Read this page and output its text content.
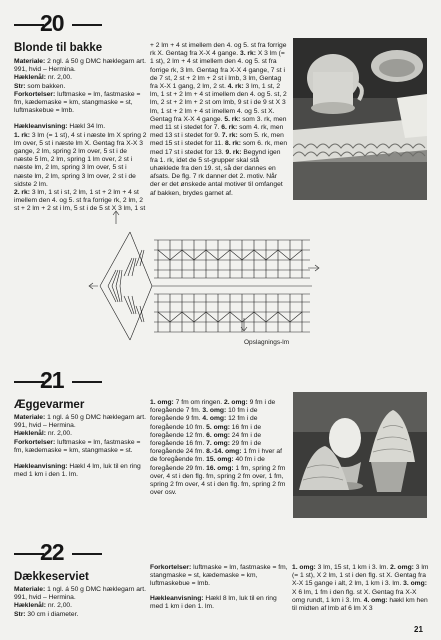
20
Blonde til bakke

Materiale: 2 ngl. á 50 g DMC hæklegarn art. 991, hvid – Hermina.

Hæklenål: nr. 2,00.

Str: som bakken.

Forkortelser: luftmaske = lm, fastmaske = fm, kædemaske = km, stangmaske = st, luftmaskebue = lmb.

Hækleanvisning: Hækl 34 lm.

1. rk: 3 lm (= 1 st), 4 st i næste lm X spring 2 lm over, 5 st i næste lm X. Gentag fra X-X 3 gange, 2 lm, spring 2 lm over, 5 st i de næste 5 lm, 2 lm, spring 1 lm over, 2 st i næste lm, 2 lm, spring 3 lm over, 5 st i næste lm, 2 lm, spring 3 lm over, 2 st i de sidste 2 lm.

2. rk: 3 lm, 1 st i st, 2 lm, 1 st + 2 lm + 4 st imellem den 4. og 5. st fra forrige rk, 2 lm, 2 st + 2 lm + 2 st i lm, 5 st i de 5 st X 3 lm, 1 st

+ 2 lm + 4 st imellem den 4. og 5. st fra forrige rk X. Gentag fra X-X 4 gange. 3. rk: X 3 lm (= 1 st), 2 lm + 4 st imellem den 4. og 5. st fra forrige rk, 3 lm. Gentag fra X-X 4 gange, 7 st i de 7 st, 2 st + 2 lm + 2 st i lmb, 3 lm, Gentag fra X-X 1 gang, 2 lm, 2 st. 4. rk: 3 lm, 1 st, 2 lm, 1 st + 2 lm + 4 st imellem den 4. og 5. st, 2 lm, 2 st + 2 lm + 2 st om lmb, 9 st i de 9 st X 3 lm, 1 st + 2 lm + 4 st imellem 4. og 5. st X. Gentag fra X-X 4 gange. 5. rk: som 3. rk, men med 11 st i stedet for 7. 6. rk: som 4. rk, men med 13 st i stedet for 9. 7. rk: som 5. rk, men med 15 st i stedet for 11. 8. rk: som 6. rk, men med 17 st i stedet for 13. 9. rk: Begynd igen fra 1. rk, idet de 5 st-grupper skal stå uhæklede fra den 19. st, så der dannes en afsats. De flg. 7 rk danner det 2. motiv. Når der er det ønskede antal motiver til omfanget af bakken, brydes garnet af.

Opslagnings-lm
21
Æggevarmer

Materiale: 1 ngl. á 50 g DMC hæklegarn art. 991, hvid – Hermina.

Hæklenål: nr. 2,00.

Forkortelser: luftmaske = lm, fastmaske = fm, kædemaske = km, stangmaske = st.

Hækleanvisning: Hækl 4 lm, luk til en ring med 1 km i den 1. lm.

1. omg: 7 fm om ringen. 2. omg: 9 fm i de foregående 7 fm. 3. omg: 10 fm i de foregående 9 fm. 4. omg: 12 fm i de foregående 10 fm. 5. omg: 16 fm i de foregående 12 fm. 6. omg: 24 fm i de foregående 16 fm. 7. omg: 29 fm i de foregående 24 fm. 8.-14. omg: 1 fm i hver af de foregående fm. 15. omg: 40 fm i de foregående 29 fm. 16. omg: 1 fm, spring 2 fm over, 4 st i den flg. fm, spring 2 fm over, 1 fm, spring 2 fm over, 4 st i den flg. fm, spring 2 fm over osv.

22
Dækkeserviet

Materiale: 1 ngl. á 50 g DMC hæklegarn art. 991, hvid – Hermina.

Hæklenål: nr. 2,00.

Str: 30 cm i diameter.

Forkortelser: luftmaske = lm, fastmaske = fm, stangmaske = st, kædemaske = km, luftmaskebue = lmb.

Hækleanvisning: Hækl 8 lm, luk til en ring med 1 km i den 1. lm.

1. omg: 3 lm, 15 st, 1 km i 3. lm. 2. omg: 3 lm (= 1 st), X 2 lm, 1 st i den flg. st X. Gentag fra X-X 15 gange i alt, 2 lm, 1 km i 3. lm. 3. omg: X 6 lm, 1 fm i den flg. st X. Gentag fra X-X omg rundt, 1 km i 3. lm. 4. omg: hækl km hen til midten af lmb af 6 lm X 3

21
